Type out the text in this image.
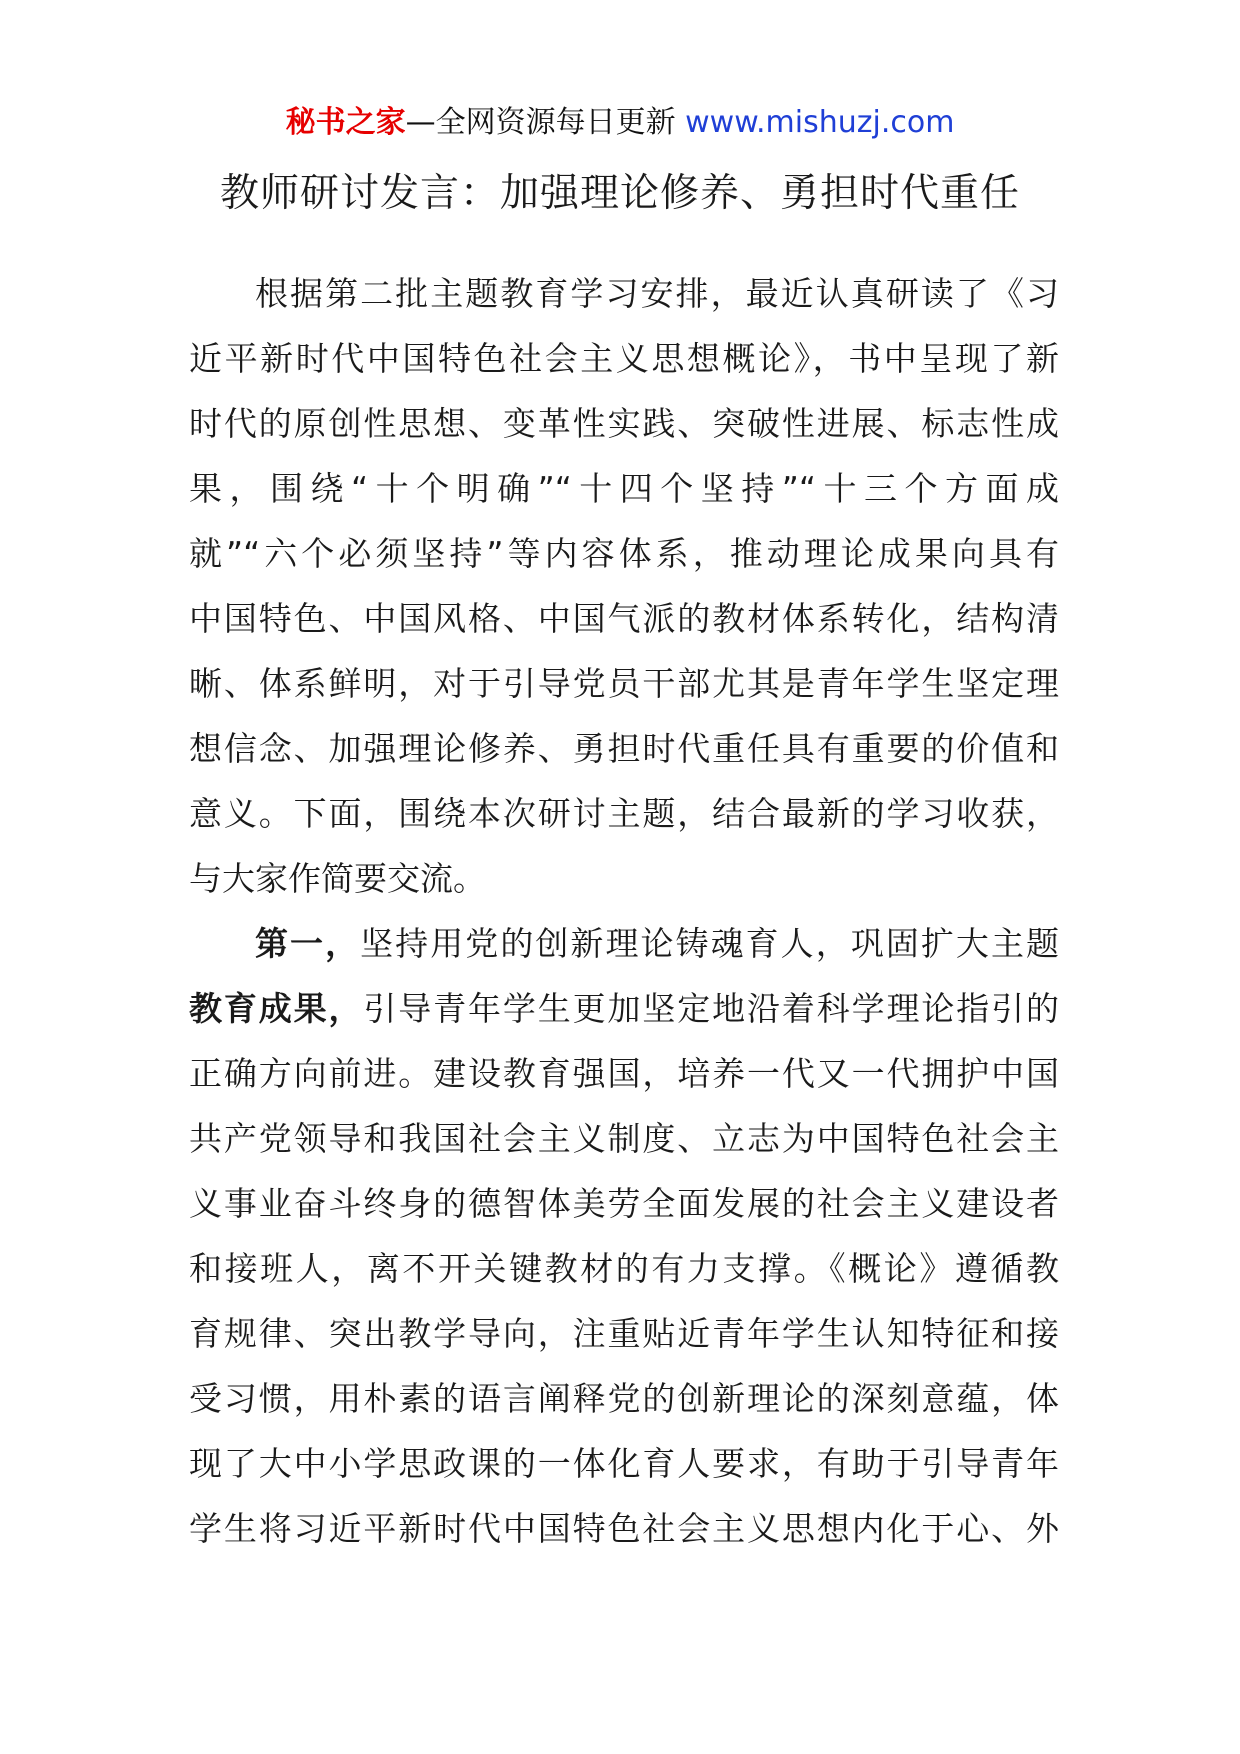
秘书之家—全网资源每日更新 www.mishuzj.com
教师研讨发言：加强理论修养、勇担时代重任
根据第二批主题教育学习安排，最近认真研读了《习
近平新时代中国特色社会主义思想概论》，书中呈现了新
时代的原创性思想、变革性实践、突破性进展、标志性成
果，围绕“十个明确”“十四个坚持”“十三个方面成
就”“六个必须坚持”等内容体系，推动理论成果向具有
中国特色、中国风格、中国气派的教材体系转化，结构清
晰、体系鲜明，对于引导党员干部尤其是青年学生坚定理
想信念、加强理论修养、勇担时代重任具有重要的价值和
意义。下面，围绕本次研讨主题，结合最新的学习收获，
与大家作简要交流。
第一，坚持用党的创新理论铸魂育人，巩固扩大主题
教育成果，引导青年学生更加坚定地沿着科学理论指引的
正确方向前进。建设教育强国，培养一代又一代拥护中国
共产党领导和我国社会主义制度、立志为中国特色社会主
义事业奋斗终身的德智体美劳全面发展的社会主义建设者
和接班人，离不开关键教材的有力支撑。《概论》遵循教
育规律、突出教学导向，注重贴近青年学生认知特征和接
受习惯，用朴素的语言阐释党的创新理论的深刻意蕴，体
现了大中小学思政课的一体化育人要求，有助于引导青年
学生将习近平新时代中国特色社会主义思想内化于心、外
